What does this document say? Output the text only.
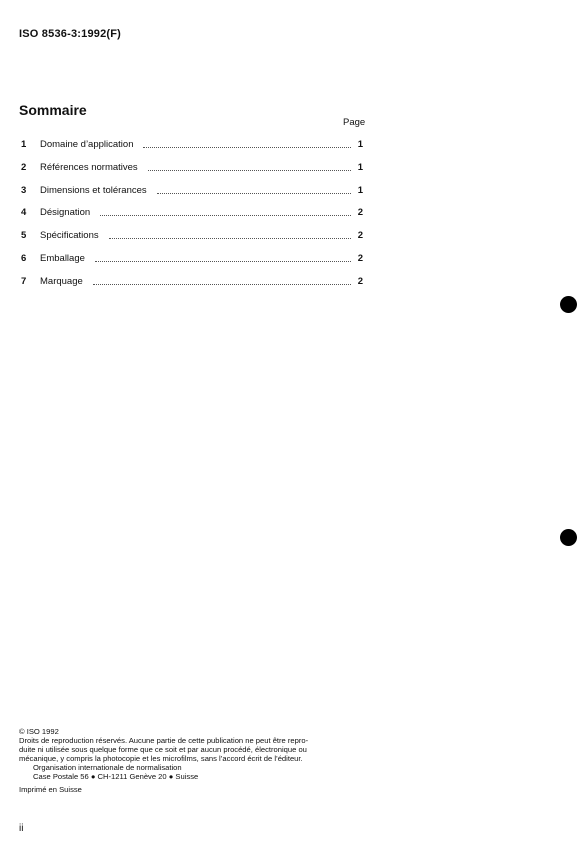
ISO 8536-3:1992(F)
Sommaire
Page
1	Domaine d’application	1
2	Références normatives	1
3	Dimensions et tolérances	1
4	Désignation	2
5	Spécifications	2
6	Emballage	2
7	Marquage	2

© ISO 1992

Droits de reproduction réservés. Aucune partie de cette publication ne peut être repro-

duite ni utilisée sous quelque forme que ce soit et par aucun procédé, électronique ou

mécanique, y compris la photocopie et les microfilms, sans l’accord écrit de l’éditeur.

Organisation internationale de normalisation

Case Postale 56 ● CH-1211 Genève 20 ● Suisse

Imprimé en Suisse

ii
